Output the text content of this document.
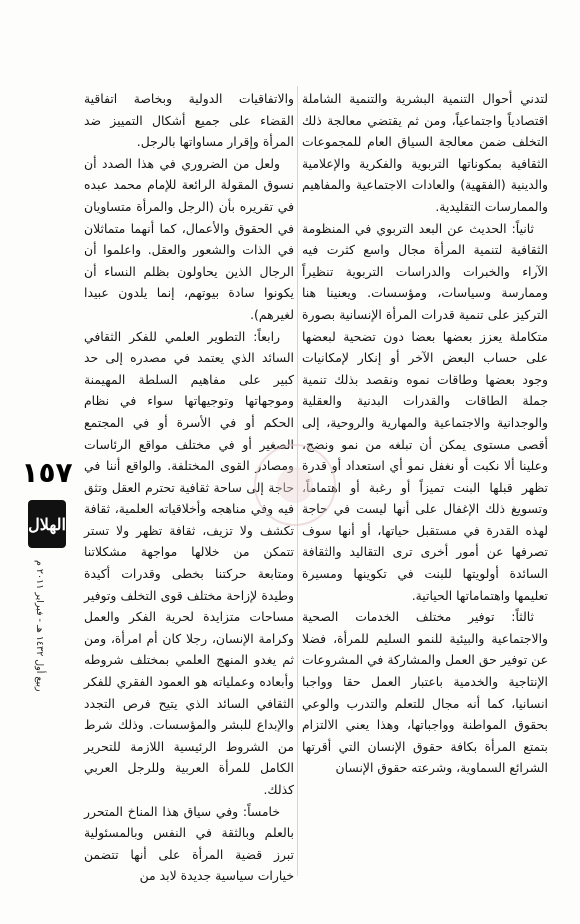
لتدني أحوال التنمية البشرية والتنمية الشاملة اقتصادياً واجتماعياً، ومن ثم يقتضي معالجة ذلك التخلف ضمن معالجة السياق العام للمجموعات الثقافية بمكوناتها التربوية والفكرية والإعلامية والدينية (الفقهية) والعادات الاجتماعية والمفاهيم والممارسات التقليدية.

ثانياً: الحديث عن البعد التربوي في المنظومة الثقافية لتنمية المرأة مجال واسع كثرت فيه الآراء والخبرات والدراسات التربوية تنظيراً وممارسة وسياسات، ومؤسسات. ويعنينا هنا التركيز على تنمية قدرات المرأة الإنسانية بصورة متكاملة يعزز بعضها بعضا دون تضحية لبعضها على حساب البعض الآخر أو إنكار لإمكانيات وجود بعضها وطاقات نموه ونقصد بذلك تنمية جملة الطاقات والقدرات البدنية والعقلية والوجدانية والاجتماعية والمهارية والروحية، إلى أقصى مستوى يمكن أن تبلغه من نمو ونضج، وعلينا ألا نكبت أو نغفل نمو أي استعداد أو قدرة تظهر قبلها البنت تميزاً أو رغبة أو اهتماماً، وتسويغ ذلك الإغفال على أنها ليست في حاجة لهذه القدرة في مستقبل حياتها، أو أنها سوف تصرفها عن أمور أخرى ترى التقاليد والثقافة السائدة أولويتها للبنت في تكوينها ومسيرة تعليمها واهتماماتها الحياتية.

ثالثاً: توفير مختلف الخدمات الصحية والاجتماعية والبيئية للنمو السليم للمرأة، فضلا عن توفير حق العمل والمشاركة في المشروعات الإنتاجية والخدمية باعتبار العمل حقا وواجبا انسانيا، كما أنه مجال للتعلم والتدرب والوعي بحقوق المواطنة وواجباتها، وهذا يعني الالتزام بتمتع المرأة بكافة حقوق الإنسان التي أقرتها الشرائع السماوية، وشرعته حقوق الإنسان

والاتفاقيات الدولية وبخاصة اتفاقية القضاء على جميع أشكال التمييز ضد المرأة وإقرار مساواتها بالرجل.

ولعل من الضروري في هذا الصدد أن نسوق المقولة الرائعة للإمام محمد عبده في تقريره بأن (الرجل والمرأة متساويان في الحقوق والأعمال، كما أنهما متماثلان في الذات والشعور والعقل. واعلموا أن الرجال الذين يحاولون بظلم النساء أن يكونوا سادة بيوتهم، إنما يلدون عبيدا لغيرهم).

رابعاً: التطوير العلمي للفكر الثقافي السائد الذي يعتمد في مصدره إلى حد كبير على مفاهيم السلطة المهيمنة وموجهاتها وتوجيهاتها سواء في نظام الحكم أو في الأسرة أو في المجتمع الصغير أو في مختلف مواقع الرئاسات ومصادر القوى المختلفة. والواقع أننا في حاجة إلى ساحة ثقافية تحترم العقل وتثق فيه وفي مناهجه وأخلاقياته العلمية، ثقافة تكشف ولا تزيف، ثقافة تظهر ولا تستر تتمكن من خلالها مواجهة مشكلاتنا ومتابعة حركتنا بخطى وقدرات أكيدة وطيدة لإزاحة مختلف قوى التخلف وتوفير مساحات متزايدة لحرية الفكر والعمل وكرامة الإنسان، رجلا كان أم امرأة، ومن ثم يغدو المنهج العلمي بمختلف شروطه وأبعاده وعملياته هو العمود الفقري للفكر الثقافي السائد الذي يتيح فرص التجدد والإبداع للبشر والمؤسسات. وذلك شرط من الشروط الرئيسية اللازمة للتحرير الكامل للمرأة العربية وللرجل العربي كذلك.

خامساً: وفي سياق هذا المناخ المتحرر بالعلم وبالثقة في النفس وبالمسئولية تبرز قضية المرأة على أنها تتضمن خيارات سياسية جديدة لابد من

١٥٧
الهلال
ربيع أول ١٤٣٢ هـ - فبراير ٢٠١١ م
